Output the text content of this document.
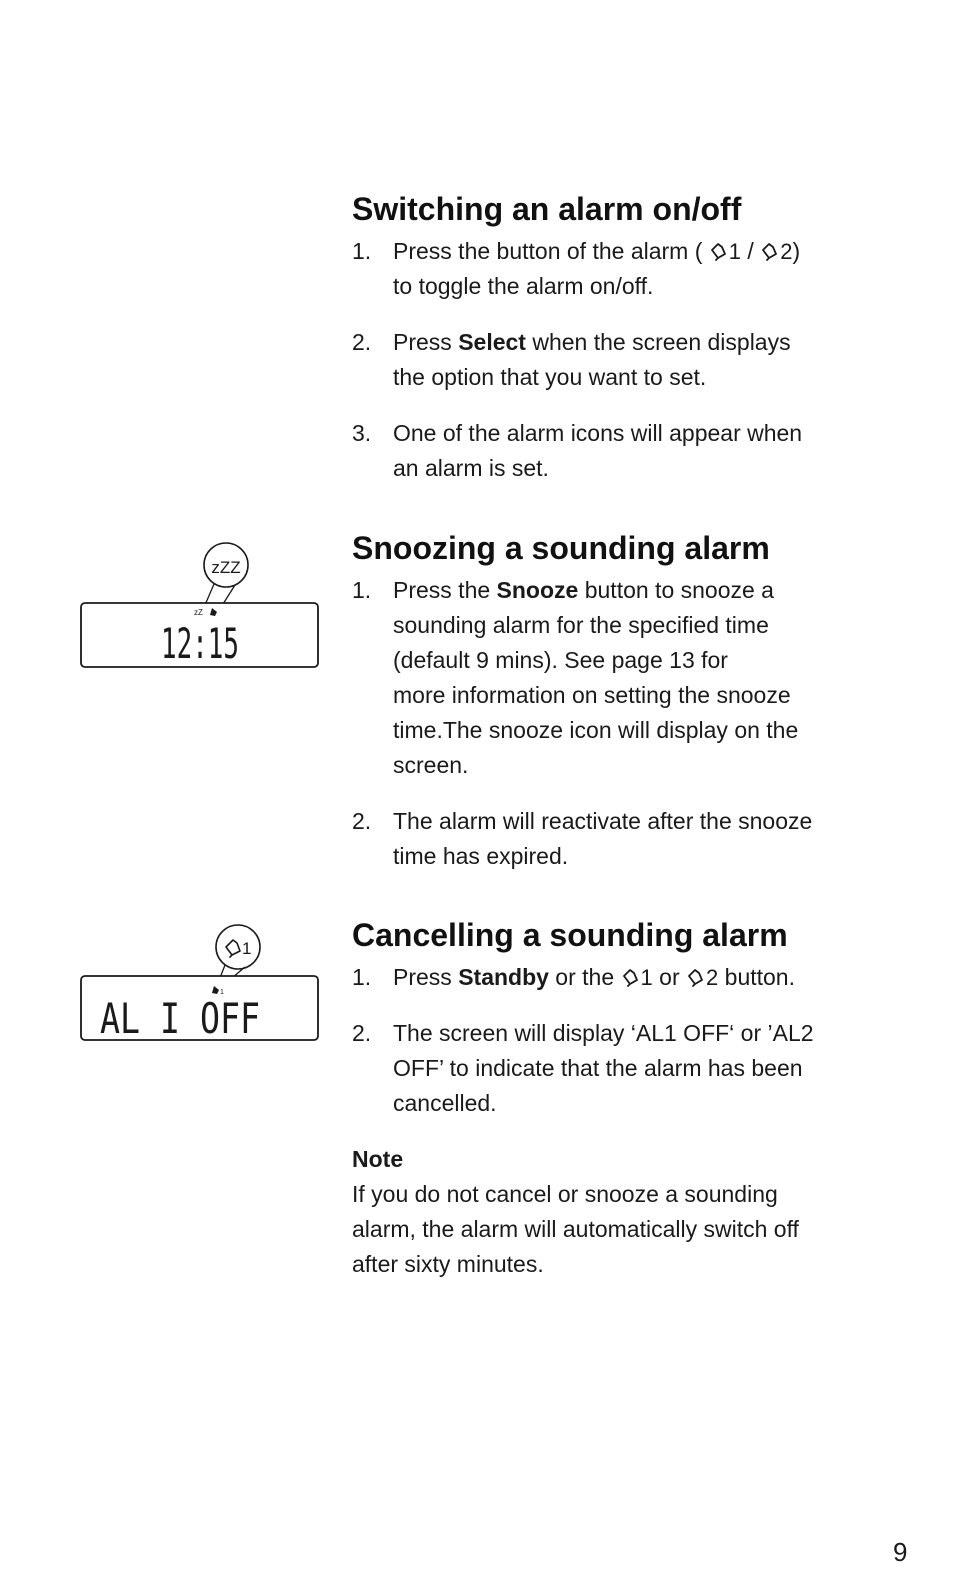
Switching an alarm on/off
1. Press the button of the alarm ( 1 / 2)
to toggle the alarm on/off.
2. Press Select when the screen displays
the option that you want to set.
3. One of the alarm icons will appear when
an alarm is set.
Snoozing a sounding alarm
1. Press the Snooze button to snooze a
sounding alarm for the specified time
(default 9 mins). See page 13 for
more information on setting the snooze
time.The snooze icon will display on the
screen.
2. The alarm will reactivate after the snooze
time has expired.
Cancelling a sounding alarm
1. Press Standby or the 1 or 2 button.
2. The screen will display ‘AL1 OFF‘ or ’AL2
OFF’ to indicate that the alarm has been
cancelled.
Note
If you do not cancel or snooze a sounding
alarm, the alarm will automatically switch off
after sixty minutes.
zZZ
zZ
12:15
1
1
AL I OFF
9
